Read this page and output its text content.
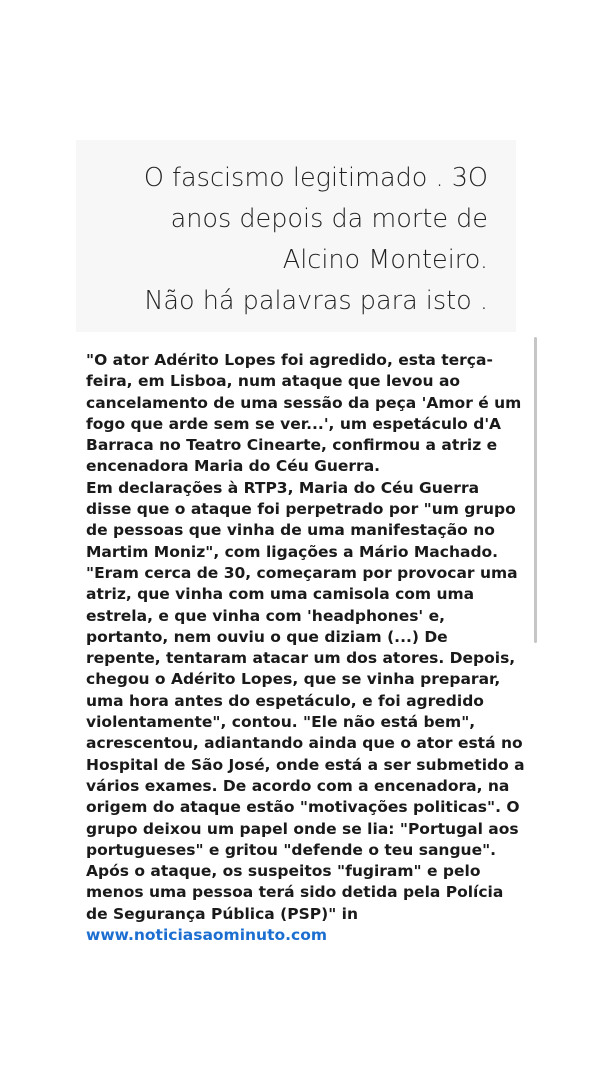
O fascismo legitimado . 3O
anos depois da morte de
Alcino Monteiro.
Não há palavras para isto .

"O ator Adérito Lopes foi agredido, esta terça-feira, em Lisboa, num ataque que levou ao cancelamento de uma sessão da peça 'Amor é um fogo que arde sem se ver...', um espetáculo d'A Barraca no Teatro Cinearte, confirmou a atriz e encenadora Maria do Céu Guerra.

Em declarações à RTP3, Maria do Céu Guerra disse que o ataque foi perpetrado por "um grupo de pessoas que vinha de uma manifestação no Martim Moniz", com ligações a Mário Machado.

"Eram cerca de 30, começaram por provocar uma atriz, que vinha com uma camisola com uma estrela, e que vinha com 'headphones' e, portanto, nem ouviu o que diziam (...) De repente, tentaram atacar um dos atores. Depois, chegou o Adérito Lopes, que se vinha preparar, uma hora antes do espetáculo, e foi agredido violentamente", contou. "Ele não está bem", acrescentou, adiantando ainda que o ator está no Hospital de São José, onde está a ser submetido a vários exames. De acordo com a encenadora, na origem do ataque estão "motivações politicas". O grupo deixou um papel onde se lia: "Portugal aos portugueses" e gritou "defende o teu sangue".

Após o ataque, os suspeitos "fugiram" e pelo menos uma pessoa terá sido detida pela Polícia de Segurança Pública (PSP)" in

www.noticiasaominuto.com
